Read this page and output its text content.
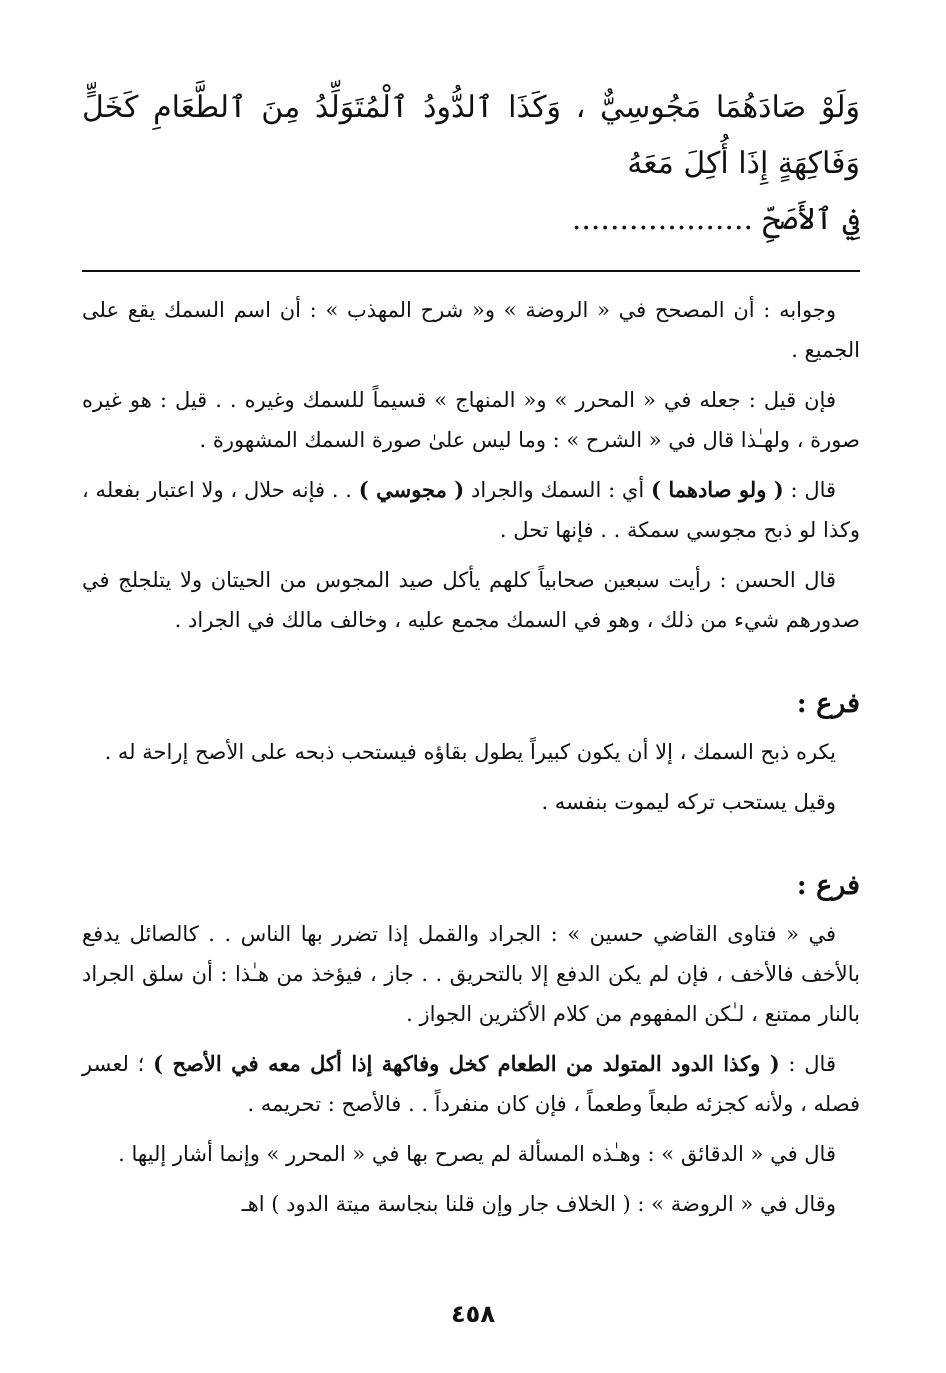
وَلَوْ صَادَهُمَا مَجُوسِيٌّ ، وَكَذَا ٱلدُّودُ ٱلْمُتَوَلِّدُ مِنَ ٱلطَّعَامِ كَخَلٍّ وَفَاكِهَةٍ إِذَا أُكِلَ مَعَهُ
فِي ٱلأَصَحِّ ...................

وجوابه : أن المصحح في « الروضة » و« شرح المهذب » : أن اسم السمك يقع على الجميع .

فإن قيل : جعله في « المحرر » و« المنهاج » قسيماً للسمك وغيره . . قيل : هو غيره صورة ، ولهـٰذا قال في « الشرح » : وما ليس علىٰ صورة السمك المشهورة .

قال : ( ولو صادهما ) أي : السمك والجراد ( مجوسي ) . . فإنه حلال ، ولا اعتبار بفعله ، وكذا لو ذبح مجوسي سمكة . . فإنها تحل .

قال الحسن : رأيت سبعين صحابياً كلهم يأكل صيد المجوس من الحيتان ولا يتلجلج في صدورهم شيء من ذلك ، وهو في السمك مجمع عليه ، وخالف مالك في الجراد .

فرع :

يكره ذبح السمك ، إلا أن يكون كبيراً يطول بقاؤه فيستحب ذبحه على الأصح إراحة له .

وقيل يستحب تركه ليموت بنفسه .

فرع :

في « فتاوى القاضي حسين » : الجراد والقمل إذا تضرر بها الناس . . كالصائل يدفع بالأخف فالأخف ، فإن لم يكن الدفع إلا بالتحريق . . جاز ، فيؤخذ من هـٰذا : أن سلق الجراد بالنار ممتنع ، لـٰكن المفهوم من كلام الأكثرين الجواز .

قال : ( وكذا الدود المتولد من الطعام كخل وفاكهة إذا أكل معه في الأصح ) ؛ لعسر فصله ، ولأنه كجزئه طبعاً وطعماً ، فإن كان منفرداً . . فالأصح : تحريمه .

قال في « الدقائق » : وهـٰذه المسألة لم يصرح بها في « المحرر » وإنما أشار إليها .

وقال في « الروضة » : ( الخلاف جار وإن قلنا بنجاسة ميتة الدود ) اهـ

٤٥٨
